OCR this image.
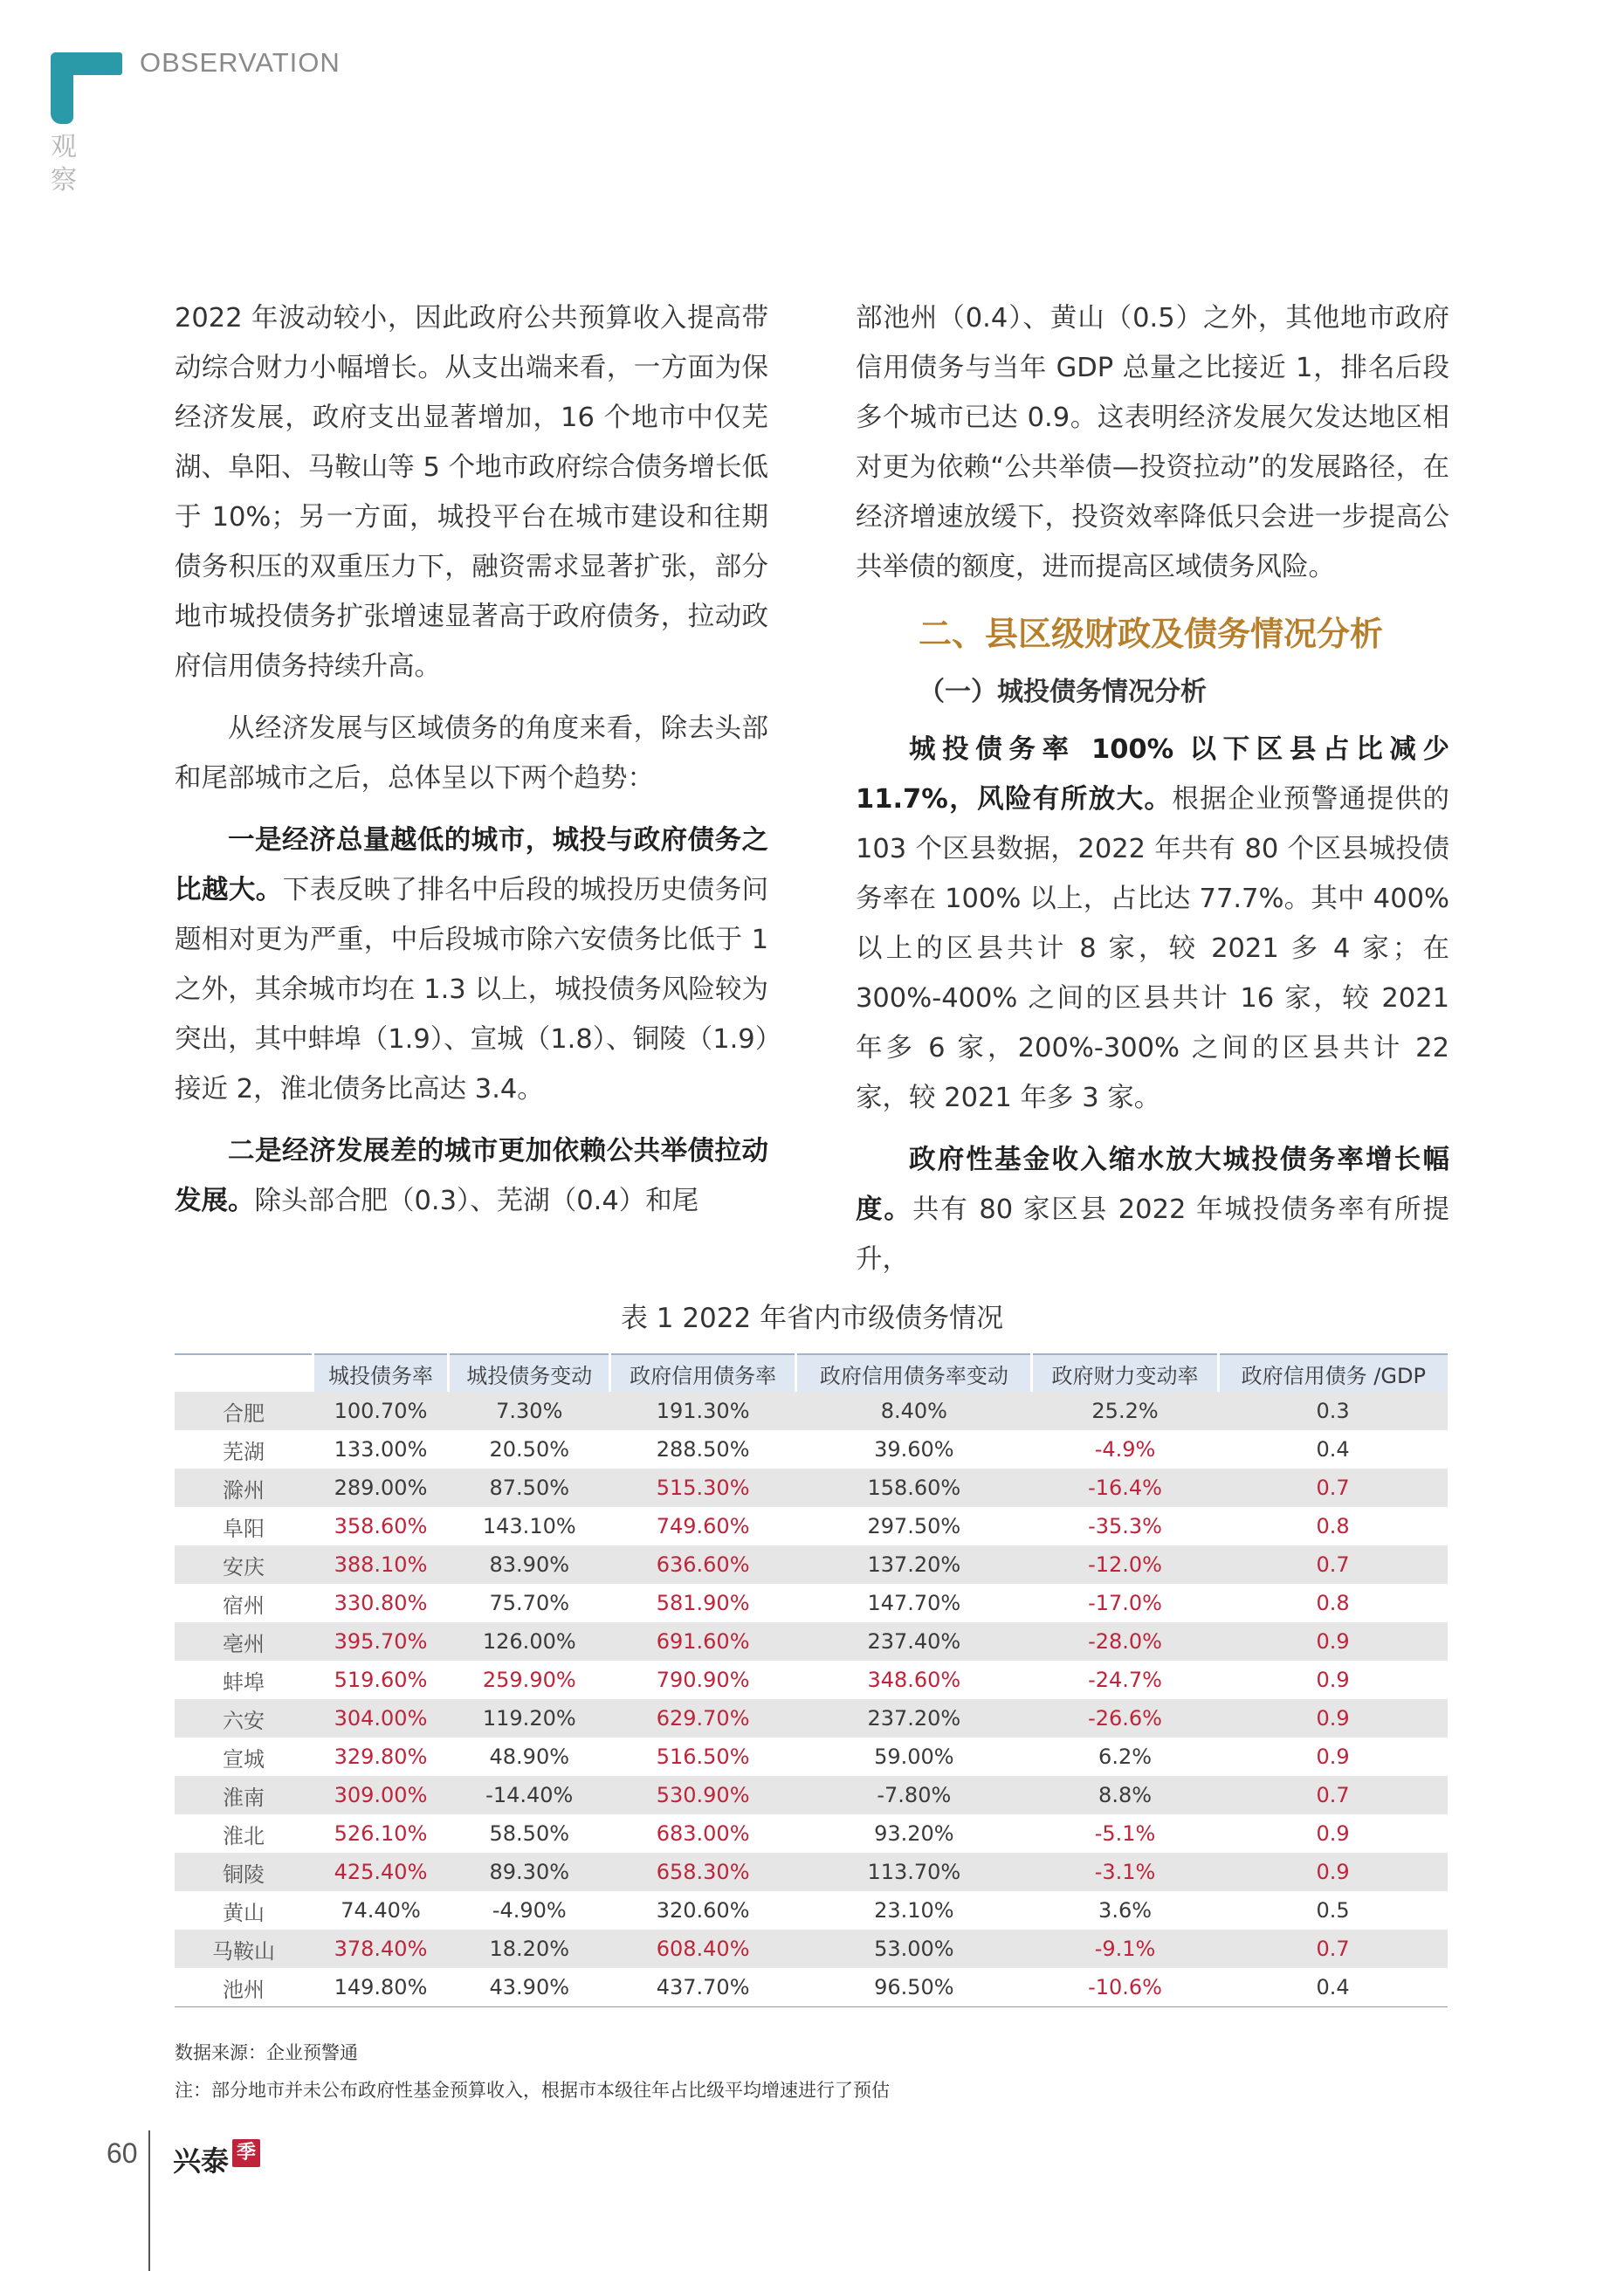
OBSERVATION
观察

2022 年波动较小，因此政府公共预算收入提高带动综合财力小幅增长。从支出端来看，一方面为保经济发展，政府支出显著增加，16 个地市中仅芜湖、阜阳、马鞍山等 5 个地市政府综合债务增长低于 10%；另一方面，城投平台在城市建设和往期债务积压的双重压力下，融资需求显著扩张，部分地市城投债务扩张增速显著高于政府债务，拉动政府信用债务持续升高。

从经济发展与区域债务的角度来看，除去头部和尾部城市之后，总体呈以下两个趋势：

一是经济总量越低的城市，城投与政府债务之比越大。下表反映了排名中后段的城投历史债务问题相对更为严重，中后段城市除六安债务比低于 1 之外，其余城市均在 1.3 以上，城投债务风险较为突出，其中蚌埠（1.9）、宣城（1.8）、铜陵（1.9）接近 2，淮北债务比高达 3.4。

二是经济发展差的城市更加依赖公共举债拉动发展。除头部合肥（0.3）、芜湖（0.4）和尾

部池州（0.4）、黄山（0.5）之外，其他地市政府信用债务与当年 GDP 总量之比接近 1，排名后段多个城市已达 0.9。这表明经济发展欠发达地区相对更为依赖“公共举债—投资拉动”的发展路径，在经济增速放缓下，投资效率降低只会进一步提高公共举债的额度，进而提高区域债务风险。

二、县区级财政及债务情况分析
（一）城投债务情况分析

城投债务率 100% 以下区县占比减少 11.7%，风险有所放大。根据企业预警通提供的 103 个区县数据，2022 年共有 80 个区县城投债务率在 100% 以上，占比达 77.7%。其中 400% 以上的区县共计 8 家，较 2021 多 4 家；在 300%-400% 之间的区县共计 16 家，较 2021 年多 6 家，200%-300% 之间的区县共计 22 家，较 2021 年多 3 家。

政府性基金收入缩水放大城投债务率增长幅度。共有 80 家区县 2022 年城投债务率有所提升，

表 1 2022 年省内市级债务情况
	城投债务率	城投债务变动	政府信用债务率	政府信用债务率变动	政府财力变动率	政府信用债务 /GDP
合肥	100.70%	7.30%	191.30%	8.40%	25.2%	0.3
芜湖	133.00%	20.50%	288.50%	39.60%	-4.9%	0.4
滁州	289.00%	87.50%	515.30%	158.60%	-16.4%	0.7
阜阳	358.60%	143.10%	749.60%	297.50%	-35.3%	0.8
安庆	388.10%	83.90%	636.60%	137.20%	-12.0%	0.7
宿州	330.80%	75.70%	581.90%	147.70%	-17.0%	0.8
亳州	395.70%	126.00%	691.60%	237.40%	-28.0%	0.9
蚌埠	519.60%	259.90%	790.90%	348.60%	-24.7%	0.9
六安	304.00%	119.20%	629.70%	237.20%	-26.6%	0.9
宣城	329.80%	48.90%	516.50%	59.00%	6.2%	0.9
淮南	309.00%	-14.40%	530.90%	-7.80%	8.8%	0.7
淮北	526.10%	58.50%	683.00%	93.20%	-5.1%	0.9
铜陵	425.40%	89.30%	658.30%	113.70%	-3.1%	0.9
黄山	74.40%	-4.90%	320.60%	23.10%	3.6%	0.5
马鞍山	378.40%	18.20%	608.40%	53.00%	-9.1%	0.7
池州	149.80%	43.90%	437.70%	96.50%	-10.6%	0.4
数据来源：企业预警通
注：部分地市并未公布政府性基金预算收入，根据市本级往年占比级平均增速进行了预估
60 兴泰 季
